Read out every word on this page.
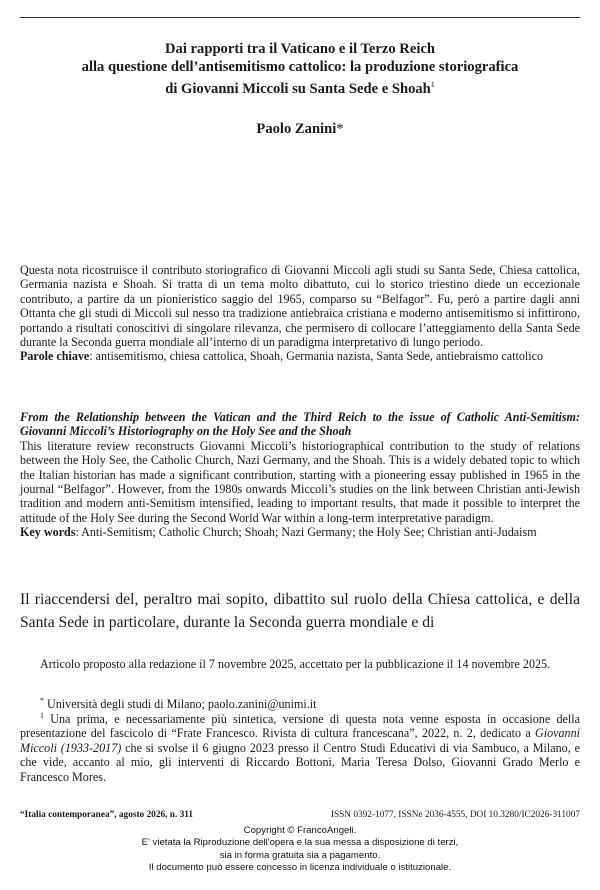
Dai rapporti tra il Vaticano e il Terzo Reich
alla questione dell’antisemitismo cattolico: la produzione storiografica
di Giovanni Miccoli su Santa Sede e Shoah$^1$
Paolo Zanini*

Questa nota ricostruisce il contributo storiografico di Giovanni Miccoli agli studi su Santa Sede, Chiesa cattolica, Germania nazista e Shoah. Si tratta di un tema molto dibattuto, cui lo storico triestino diede un eccezionale contributo, a partire da un pionieristico saggio del 1965, comparso su “Belfagor”. Fu, però a partire dagli anni Ottanta che gli studi di Miccoli sul nesso tra tradizione antiebraica cristiana e moderno antisemitismo si infittirono, portando a risultati conoscitivi di singolare rilevanza, che permisero di collocare l’atteggiamento della Santa Sede durante la Seconda guerra mondiale all’interno di un paradigma interpretativo di lungo periodo.

Parole chiave: antisemitismo, chiesa cattolica, Shoah, Germania nazista, Santa Sede, antiebraismo cattolico

From the Relationship between the Vatican and the Third Reich to the issue of Catholic Anti-Semitism: Giovanni Miccoli’s Historiography on the Holy See and the Shoah

This literature review reconstructs Giovanni Miccoli’s historiographical contribution to the study of relations between the Holy See, the Catholic Church, Nazi Germany, and the Shoah. This is a widely debated topic to which the Italian historian has made a significant contribution, starting with a pioneering essay published in 1965 in the journal “Belfagor”. However, from the 1980s onwards Miccoli’s studies on the link between Christian anti-Jewish tradition and modern anti-Semitism intensified, leading to important results, that made it possible to interpret the attitude of the Holy See during the Second World War within a long-term interpretative paradigm.

Key words: Anti-Semitism; Catholic Church; Shoah; Nazi Germany; the Holy See; Christian anti-Judaism

Il riaccendersi del, peraltro mai sopito, dibattito sul ruolo della Chiesa cattolica, e della Santa Sede in particolare, durante la Seconda guerra mondiale e di
Articolo proposto alla redazione il 7 novembre 2025, accettato per la pubblicazione il 14 novembre 2025.
* Università degli studi di Milano; paolo.zanini@unimi.it
$^1$ Una prima, e necessariamente più sintetica, versione di questa nota venne esposta in occasione della presentazione del fascicolo di “Frate Francesco. Rivista di cultura francescana”, 2022, n. 2, dedicato a Giovanni Miccoli (1933-2017) che si svolse il 6 giugno 2023 presso il Centro Studi Educativi di via Sambuco, a Milano, e che vide, accanto al mio, gli interventi di Riccardo Bottoni, Maria Teresa Dolso, Giovanni Grado Merlo e Francesco Mores.
“Italia contemporanea”, agosto 2026, n. 311	ISSN 0392-1077, ISSNe 2036-4555, DOI 10.3280/IC2026-311007
Copyright © FrancoAngeli.
E' vietata la Riproduzione dell'opera e la sua messa a disposizione di terzi,
sia in forma gratuita sia a pagamento.
Il documento può essere concesso in licenza individuale o istituzionale.
